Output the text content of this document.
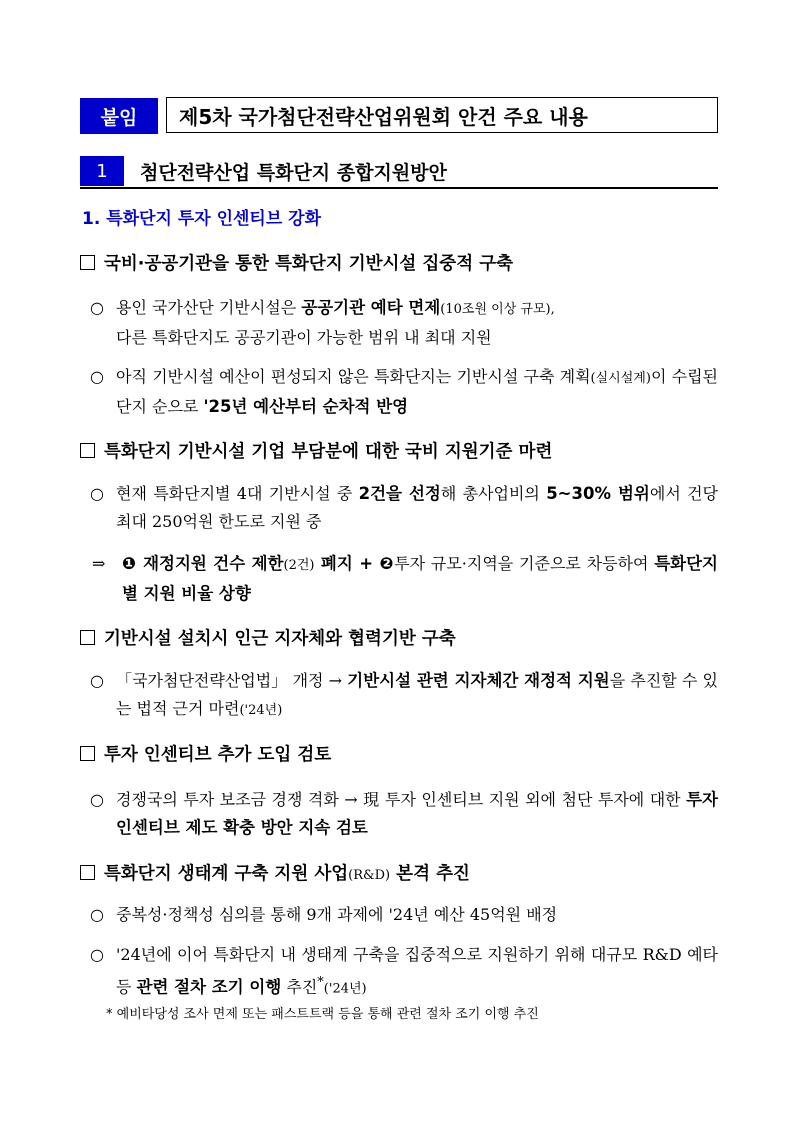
붙임	제5차 국가첨단전략산업위원회 안건 주요 내용
1	첨단전략산업 특화단지 종합지원방안
1. 특화단지 투자 인센티브 강화
국비·공공기관을 통한 특화단지 기반시설 집중적 구축
○ 용인 국가산단 기반시설은 공공기관 예타 면제(10조원 이상 규모),
다른 특화단지도 공공기관이 가능한 범위 내 최대 지원
○ 아직 기반시설 예산이 편성되지 않은 특화단지는 기반시설 구축 계획(실시설계)이 수립된 단지 순으로 '25년 예산부터 순차적 반영
특화단지 기반시설 기업 부담분에 대한 국비 지원기준 마련
○ 현재 특화단지별 4대 기반시설 중 2건을 선정해 총사업비의 5~30% 범위에서 건당 최대 250억원 한도로 지원 중
⇒ ❶ 재정지원 건수 제한(2건) 폐지 + ❷투자 규모·지역을 기준으로 차등하여 특화단지별 지원 비율 상향
기반시설 설치시 인근 지자체와 협력기반 구축
○ 「국가첨단전략산업법」 개정 → 기반시설 관련 지자체간 재정적 지원을 추진할 수 있는 법적 근거 마련('24년)
투자 인센티브 추가 도입 검토
○ 경쟁국의 투자 보조금 경쟁 격화 → 現 투자 인센티브 지원 외에 첨단 투자에 대한 투자 인센티브 제도 확충 방안 지속 검토
특화단지 생태계 구축 지원 사업(R&D) 본격 추진
○ 중복성·정책성 심의를 통해 9개 과제에 '24년 예산 45억원 배정
○ '24년에 이어 특화단지 내 생태계 구축을 집중적으로 지원하기 위해 대규모 R&D 예타 등 관련 절차 조기 이행 추진*('24년)
* 예비타당성 조사 면제 또는 패스트트랙 등을 통해 관련 절차 조기 이행 추진
